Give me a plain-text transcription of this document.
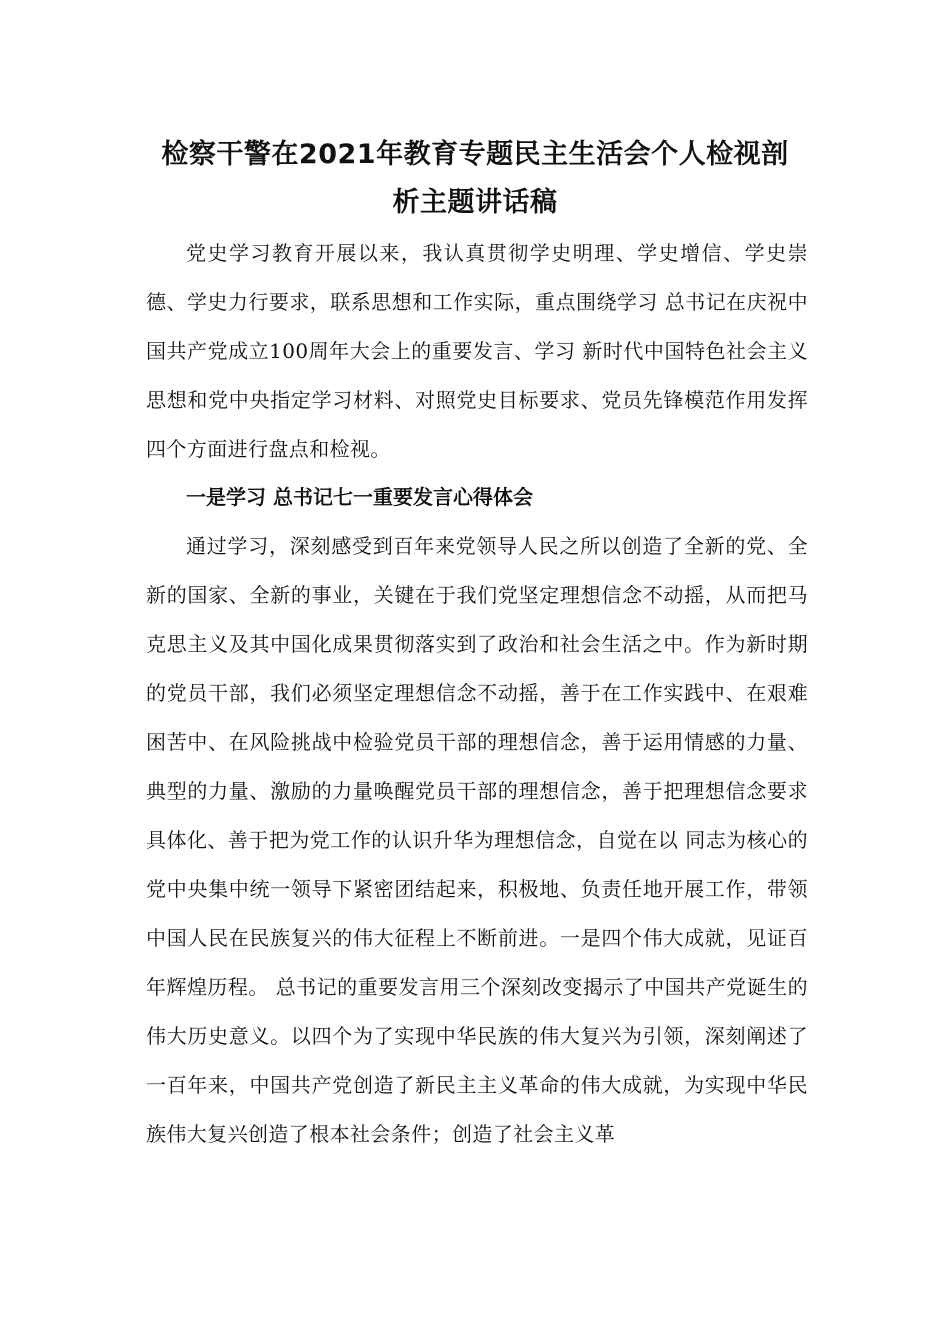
检察干警在2021年教育专题民主生活会个人检视剖
析主题讲话稿

党史学习教育开展以来，我认真贯彻学史明理、学史增信、学史崇德、学史力行要求，联系思想和工作实际，重点围绕学习 总书记在庆祝中国共产党成立100周年大会上的重要发言、学习 新时代中国特色社会主义思想和党中央指定学习材料、对照党史目标要求、党员先锋模范作用发挥四个方面进行盘点和检视。

一是学习 总书记七一重要发言心得体会

通过学习，深刻感受到百年来党领导人民之所以创造了全新的党、全新的国家、全新的事业，关键在于我们党坚定理想信念不动摇，从而把马克思主义及其中国化成果贯彻落实到了政治和社会生活之中。作为新时期的党员干部，我们必须坚定理想信念不动摇，善于在工作实践中、在艰难困苦中、在风险挑战中检验党员干部的理想信念，善于运用情感的力量、典型的力量、激励的力量唤醒党员干部的理想信念，善于把理想信念要求具体化、善于把为党工作的认识升华为理想信念，自觉在以 同志为核心的党中央集中统一领导下紧密团结起来，积极地、负责任地开展工作，带领中国人民在民族复兴的伟大征程上不断前进。一是四个伟大成就，见证百年辉煌历程。 总书记的重要发言用三个深刻改变揭示了中国共产党诞生的伟大历史意义。以四个为了实现中华民族的伟大复兴为引领，深刻阐述了一百年来，中国共产党创造了新民主主义革命的伟大成就，为实现中华民族伟大复兴创造了根本社会条件；创造了社会主义革
